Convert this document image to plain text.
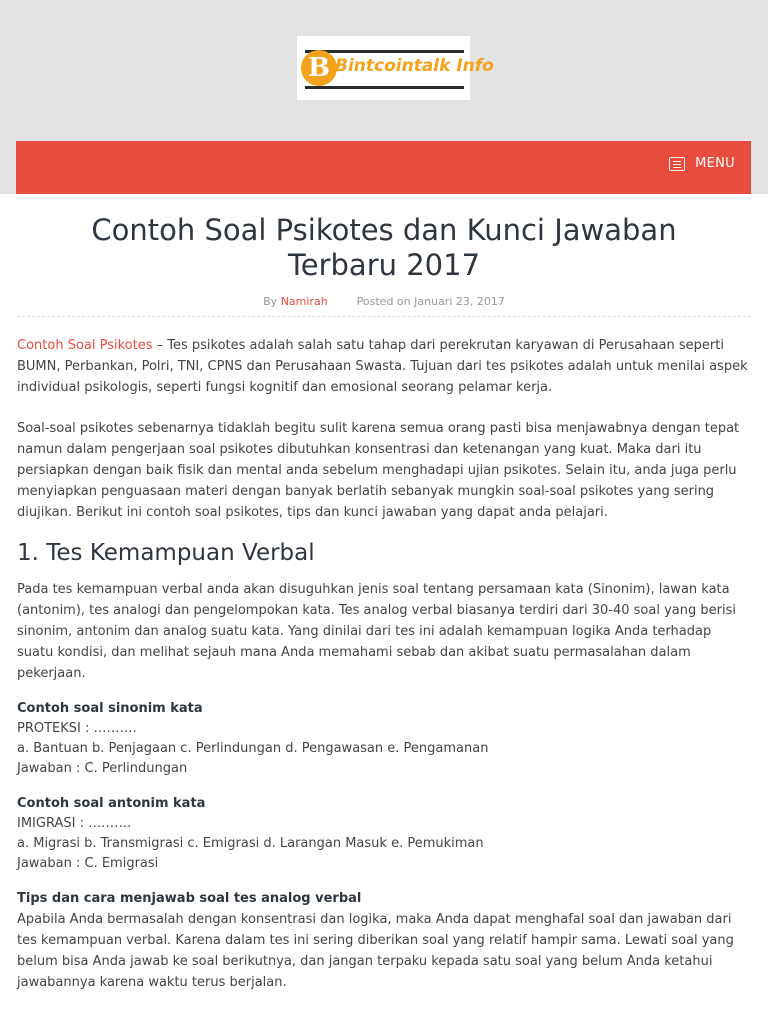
B Bintcointalk Info
MENU
Contoh Soal Psikotes dan Kunci Jawaban Terbaru 2017
By Namirah	Posted on Januari 23, 2017

Contoh Soal Psikotes – Tes psikotes adalah salah satu tahap dari perekrutan karyawan di Perusahaan seperti BUMN, Perbankan, Polri, TNI, CPNS dan Perusahaan Swasta. Tujuan dari tes psikotes adalah untuk menilai aspek individual psikologis, seperti fungsi kognitif dan emosional seorang pelamar kerja.

Soal-soal psikotes sebenarnya tidaklah begitu sulit karena semua orang pasti bisa menjawabnya dengan tepat namun dalam pengerjaan soal psikotes dibutuhkan konsentrasi dan ketenangan yang kuat. Maka dari itu persiapkan dengan baik fisik dan mental anda sebelum menghadapi ujian psikotes. Selain itu, anda juga perlu menyiapkan penguasaan materi dengan banyak berlatih sebanyak mungkin soal-soal psikotes yang sering diujikan. Berikut ini contoh soal psikotes, tips dan kunci jawaban yang dapat anda pelajari.

1. Tes Kemampuan Verbal

Pada tes kemampuan verbal anda akan disuguhkan jenis soal tentang persamaan kata (Sinonim), lawan kata (antonim), tes analogi dan pengelompokan kata. Tes analog verbal biasanya terdiri dari 30-40 soal yang berisi sinonim, antonim dan analog suatu kata. Yang dinilai dari tes ini adalah kemampuan logika Anda terhadap suatu kondisi, dan melihat sejauh mana Anda memahami sebab dan akibat suatu permasalahan dalam pekerjaan.

Contoh soal sinonim kata
PROTEKSI : ……….
a. Bantuan b. Penjagaan c. Perlindungan d. Pengawasan e. Pengamanan
Jawaban : C. Perlindungan
Contoh soal antonim kata
IMIGRASI : ……….
a. Migrasi b. Transmigrasi c. Emigrasi d. Larangan Masuk e. Pemukiman
Jawaban : C. Emigrasi
Tips dan cara menjawab soal tes analog verbal

Apabila Anda bermasalah dengan konsentrasi dan logika, maka Anda dapat menghafal soal dan jawaban dari tes kemampuan verbal. Karena dalam tes ini sering diberikan soal yang relatif hampir sama. Lewati soal yang belum bisa Anda jawab ke soal berikutnya, dan jangan terpaku kepada satu soal yang belum Anda ketahui jawabannya karena waktu terus berjalan.
